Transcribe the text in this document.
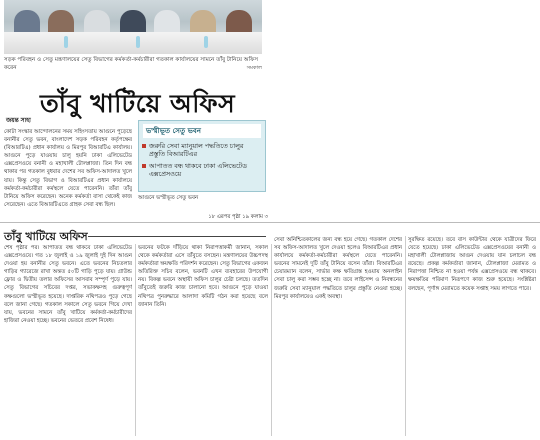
সড়ক পরিবহন ও সেতু মন্ত্রণালয়ের সেতু বিভাগের কর্মকর্তা-কর্মচারীরা গতকাল কার্যালয়ের সামনে তাঁবু টানিয়ে অফিস করেন	সমকাল
তাঁবু খাটিয়ে অফিস
জয়ন্ত সাহা
কোটা সংস্কার আন্দোলনের সময় সহিংসতায় আগুনে পুড়েছে বনানীর সেতু ভবন, বাংলাদেশ সড়ক পরিবহন কর্তৃপক্ষের (বিআরটিএ) প্রধান কার্যালয় ও মিরপুর বিআরটিএ কার্যালয়। আগুনে পুড়ে যাওয়ায় চালু হয়নি ঢাকা এলিভেটেড এক্সপ্রেসওয়ে বনানী ও মহাখালী টোলপ্লাজা। তিন দিন বন্ধ থাকার পর গতকাল বুধবার দেশের সব অফিস-আদালত খুলে যায়। কিন্তু সেতু বিভাগ ও বিআরটিএর প্রধান কার্যালয়ে কর্মকর্তা-কর্মচারীরা কর্মস্থলে যেতে পারেননি। তাঁরা তাঁবু টানিয়ে অফিস করেছেন। অনেক কর্মকর্তা বাসা থেকেই কাজ সেরেছেন। এতে বিআরটিএতে গ্রাহক সেবা বন্ধ ছিল।
ভস্মীভূত সেতু ভবন
জরুরি সেবা ম্যানুয়াল পদ্ধতিতে চালুর প্রস্তুতি বিআরটিএর
আপাতত বন্ধ থাকবে ঢাকা এলিভেটেড এক্সপ্রেসওয়ে
আগুনে ভস্মীভূত সেতু ভবন
১৮ এরপর পৃষ্ঠা ১৯ কলাম ৩
তাঁবু খাটিয়ে অফিস
শেষ পৃষ্ঠার পর। আপাতত বন্ধ থাকবে ঢাকা এলিভেটেড এক্সপ্রেসওয়ে। গত ১৮ জুলাই ও ১৯ জুলাই দুই দিন আগুন দেওয়া হয় বনানীর সেতু ভবনে। এতে ভবনের নিচতলার গাড়ির গ্যারেজে রাখা অন্তত ৫০টি গাড়ি পুড়ে যায়। গ্রাউন্ড ফ্লোর ও দ্বিতীয় তলার অফিসের আসবাব সম্পূর্ণ পুড়ে যায়। সেতু বিভাগের সচিবের দপ্তর, সভাকক্ষসহ গুরুত্বপূর্ণ কক্ষগুলো ভস্মীভূত হয়েছে। দাপ্তরিক নথিপত্রও পুড়ে গেছে বলে জানা গেছে। গতকাল সকালে সেতু ভবনে গিয়ে দেখা যায়, ভবনের সামনে তাঁবু খাটিয়ে কর্মকর্তা-কর্মচারীদের হাজিরা নেওয়া হচ্ছে। ভবনের ভেতরে প্রবেশ নিষেধ।
ভবনের ফটকে দাঁড়িয়ে থাকা নিরাপত্তাকর্মী জানান, সকাল থেকে কর্মকর্তারা এসে তাঁবুতে বসছেন। মন্ত্রণালয়ের উচ্চপদস্থ কর্মকর্তারা ক্ষয়ক্ষতি পরিদর্শন করেছেন। সেতু বিভাগের একজন অতিরিক্ত সচিব বলেন, ভবনটি এখন ব্যবহারের উপযোগী নয়। বিকল্প ভবনে অস্থায়ী অফিস চালুর চেষ্টা চলছে। ততদিন তাঁবুতেই জরুরি কাজ চালানো হবে। আগুনে পুড়ে যাওয়া নথিপত্র পুনরুদ্ধারে আলাদা কমিটি গঠন করা হয়েছে বলে জানান তিনি।
সেবা অনিশ্চিতকালের জন্য বন্ধ হয়ে গেছে। গতকাল দেশের সব অফিস-আদালত খুলে দেওয়া হলেও বিআরটিএর প্রধান কার্যালয়ে কর্মকর্তা-কর্মচারীরা কর্মস্থলে যেতে পারেননি। ভবনের সামনেই দুটি তাঁবু টানিয়ে বসেন তাঁরা। বিআরটিএর চেয়ারম্যান বলেন, সার্ভার কক্ষ ক্ষতিগ্রস্ত হওয়ায় অনলাইন সেবা চালু করা সম্ভব হচ্ছে না। তবে লাইসেন্স ও নিবন্ধনের জরুরি সেবা ম্যানুয়াল পদ্ধতিতে চালুর প্রস্তুতি নেওয়া হচ্ছে। মিরপুর কার্যালয়েও একই অবস্থা।
সুরক্ষিত রয়েছে। তবে বাস কাউন্টার থেকে যাত্রীদের ফিরে যেতে হয়েছে। ঢাকা এলিভেটেড এক্সপ্রেসওয়ের বনানী ও মহাখালী টোলপ্লাজায় আগুন দেওয়ায় যান চলাচল বন্ধ রয়েছে। প্রকল্প কর্মকর্তারা জানান, টোলপ্লাজা মেরামত ও নিরাপত্তা নিশ্চিত না হওয়া পর্যন্ত এক্সপ্রেসওয়ে বন্ধ থাকবে। ক্ষয়ক্ষতির পরিমাণ নিরূপণে কাজ শুরু হয়েছে। সংশ্লিষ্টরা বলছেন, পূর্ণাঙ্গ মেরামতে কয়েক সপ্তাহ সময় লাগতে পারে।
